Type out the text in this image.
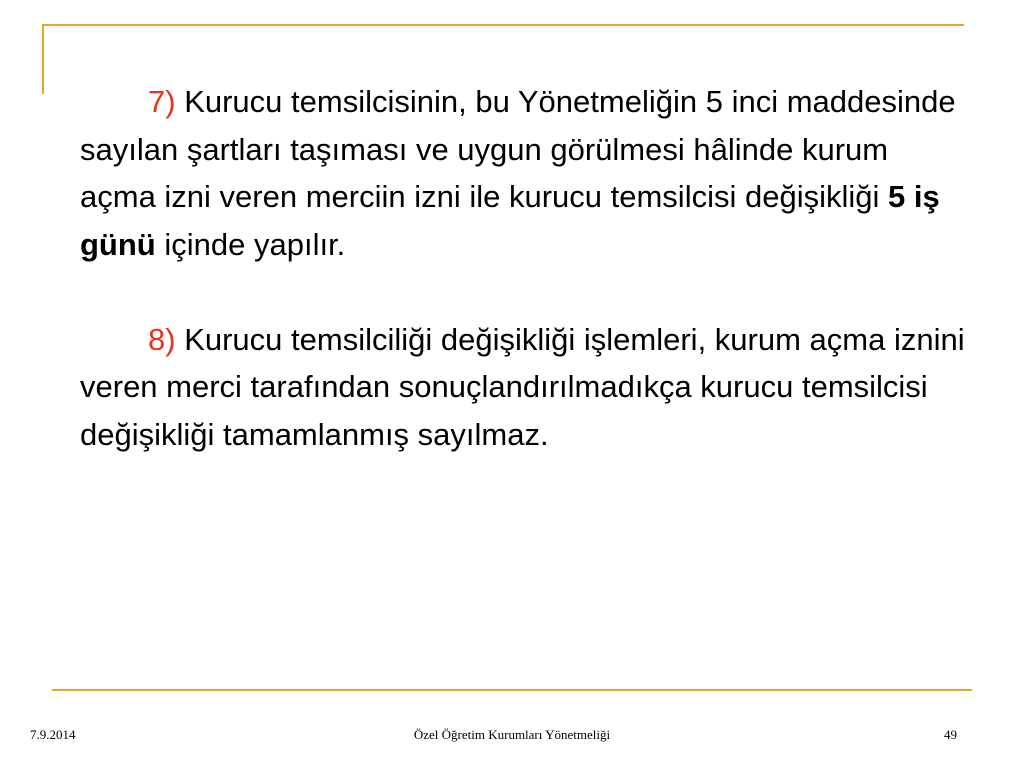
7) Kurucu temsilcisinin, bu Yönetmeliğin 5 inci maddesinde sayılan şartları taşıması ve uygun görülmesi hâlinde kurum açma izni veren merciin izni ile kurucu temsilcisi değişikliği 5 iş günü içinde yapılır.

8) Kurucu temsilciliği değişikliği işlemleri, kurum açma iznini veren merci tarafından sonuçlandırılmadıkça kurucu temsilcisi değişikliği tamamlanmış sayılmaz.

7.9.2014	Özel Öğretim Kurumları Yönetmeliği	49
